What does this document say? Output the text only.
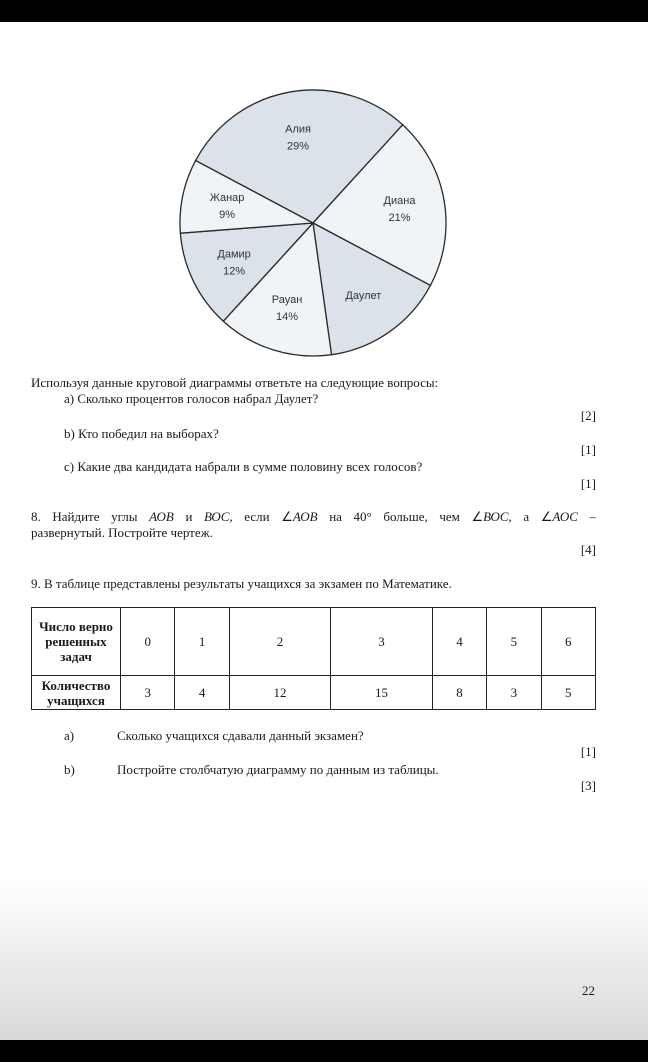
Алия
29%
Диана
21%
Даулет
Рауан
14%
Дамир
12%
Жанар
9%
Используя данные круговой диаграммы ответьте на следующие вопросы:
a) Сколько процентов голосов набрал Даулет?
[2]
b) Кто победил на выборах?
[1]
c) Какие два кандидата набрали в сумме половину всех голосов?
[1]
8. Найдите углы АОВ и ВОС, если ∠АОВ на 40° больше, чем ∠ВОС, а ∠АОС –
развернутый. Постройте чертеж.
[4]
9. В таблице представлены результаты учащихся за экзамен по Математике.
Число верно решенных задач	0	1	2	3	4	5	6
Количество учащихся	3	4	12	15	8	3	5
a)	Сколько учащихся сдавали данный экзамен?
[1]
b)	Постройте столбчатую диаграмму по данным из таблицы.
[3]
22
